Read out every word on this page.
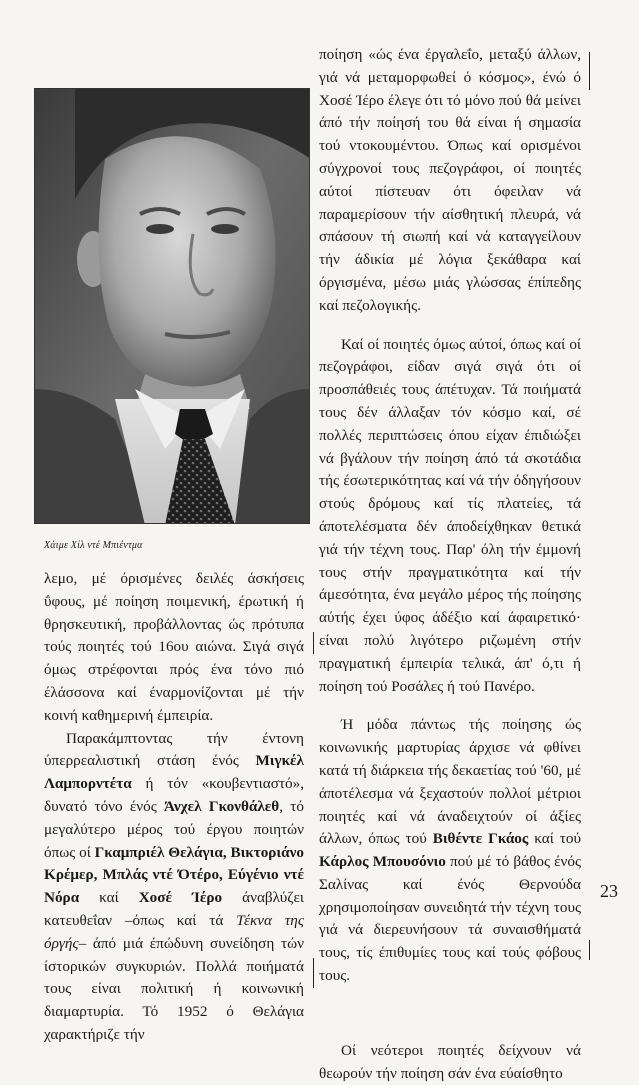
Χάιμε Χίλ ντέ Μπιέντμα

λεμο, μέ όρισμένες δειλές άσκήσεις ΰφους, μέ ποίηση ποιμενική, έρωτική ή θρησκευτική, προβάλλοντας ώς πρότυπα τούς ποιητές τού 16ου αιώνα. Σιγά σιγά όμως στρέφονται πρός ένα τόνο πιό έλάσσονα καί έναρμονίζονται μέ τήν κοινή καθημερινή έμπειρία.

Παρακάμπτοντας τήν έντονη ύπερρεαλιστική στάση ένός Μιγκέλ Λαμπορντέτα ή τόν «κουβεντιαστό», δυνατό τόνο ένός Άνχελ Γκονθάλεθ, τό μεγαλύτερο μέρος τού έργου ποιητών όπως οί Γκαμπριέλ Θελάγια, Βικτοριάνο Κρέμερ, Μπλάς ντέ Ότέρο, Εύγένιο ντέ Νόρα καί Χοσέ Ίέρο άναβλύζει κατευθεΐαν –όπως καί τά Τέκνα της όργής– άπό μιά έπώδυνη συνείδηση τών ίστορικών συγκυριών. Πολλά ποιήματά τους είναι πολιτική ή κοινωνική διαμαρτυρία. Τό 1952 ό Θελάγια χαρακτήριζε τήν

ποίηση «ώς ένα έργαλεΐο, μεταξύ άλλων, γιά νά μεταμορφωθεί ό κόσμος», ένώ ό Χοσέ Ίέρο έλεγε ότι τό μόνο πού θά μείνει άπό τήν ποίησή του θά είναι ή σημασία τού ντοκουμέντου. Όπως καί ορισμένοι σύγχρονοί τους πεζογράφοι, οί ποιητές αύτοί πίστευαν ότι όφειλαν νά παραμερίσουν τήν αίσθητική πλευρά, νά σπάσουν τή σιωπή καί νά καταγγείλουν τήν άδικία μέ λόγια ξεκάθαρα καί όργισμένα, μέσω μιάς γλώσσας έπίπεδης καί πεζολογικής.

Καί οί ποιητές όμως αύτοί, όπως καί οί πεζογράφοι, είδαν σιγά σιγά ότι οί προσπάθειές τους άπέτυχαν. Τά ποιήματά τους δέν άλλαξαν τόν κόσμο καί, σέ πολλές περιπτώσεις όπου είχαν έπιδιώξει νά βγάλουν τήν ποίηση άπό τά σκοτάδια τής έσωτερικότητας καί νά τήν όδηγήσουν στούς δρόμους καί τίς πλατείες, τά άποτελέσματα δέν άποδείχθηκαν θετικά γιά τήν τέχνη τους. Παρ' όλη τήν έμμονή τους στήν πραγματικότητα καί τήν άμεσότητα, ένα μεγάλο μέρος τής ποίησης αύτής έχει ύφος άδέξιο καί άφαιρετικό· είναι πολύ λιγότερο ριζωμένη στήν πραγματική έμπειρία τελικά, άπ' ό,τι ή ποίηση τού Ροσάλες ή τού Πανέρο.

Ή μόδα πάντως τής ποίησης ώς κοινωνικής μαρτυρίας άρχισε νά φθίνει κατά τή διάρκεια τής δεκαετίας τού '60, μέ άποτέλεσμα νά ξεχαστούν πολλοί μέτριοι ποιητές καί νά άναδειχτούν οί άξίες άλλων, όπως τού Βιθέντε Γκάος καί τού Κάρλος Μπουσόνιο πού μέ τό βάθος ένός Σαλίνας καί ένός Θερνούδα χρησιμοποίησαν συνειδητά τήν τέχνη τους γιά νά διερευνήσουν τά συναισθήματά τους, τίς έπιθυμίες τους καί τούς φόβους τους.

Οί νεότεροι ποιητές δείχνουν νά θεωρούν τήν ποίηση σάν ένα εύαίσθητο

23
